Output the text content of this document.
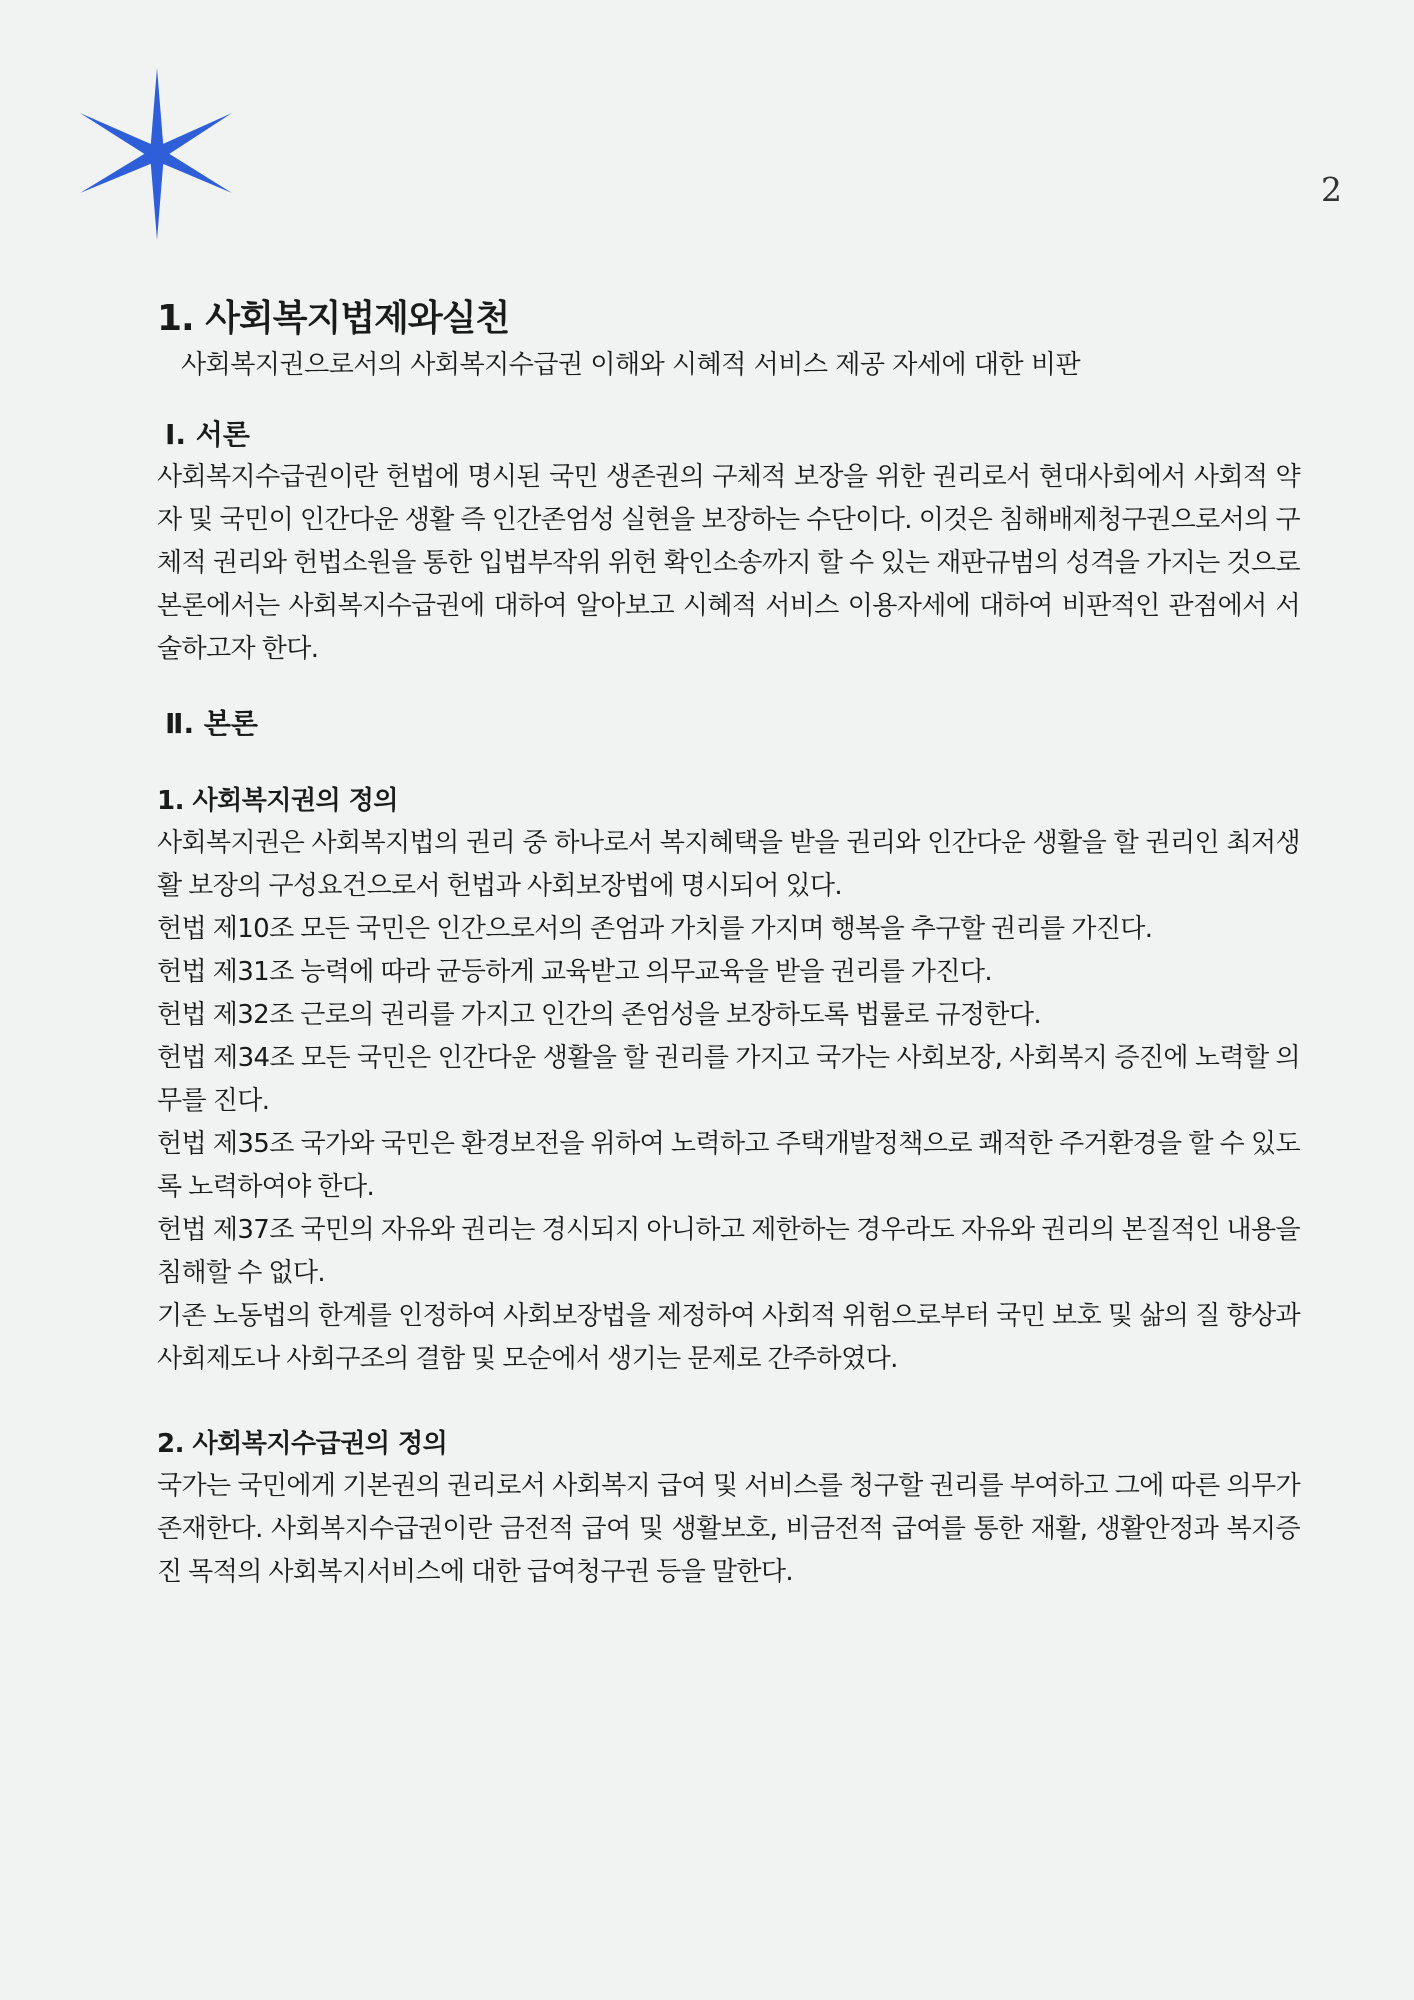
2
1. 사회복지법제와실천

사회복지권으로서의 사회복지수급권 이해와 시혜적 서비스 제공 자세에 대한 비판

Ⅰ. 서론

사회복지수급권이란 헌법에 명시된 국민 생존권의 구체적 보장을 위한 권리로서 현대사회에서 사회적 약자 및 국민이 인간다운 생활 즉 인간존엄성 실현을 보장하는 수단이다. 이것은 침해배제청구권으로서의 구체적 권리와 헌법소원을 통한 입법부작위 위헌 확인소송까지 할 수 있는 재판규범의 성격을 가지는 것으로 본론에서는 사회복지수급권에 대하여 알아보고 시혜적 서비스 이용자세에 대하여 비판적인 관점에서 서술하고자 한다.

Ⅱ. 본론
1. 사회복지권의 정의

사회복지권은 사회복지법의 권리 중 하나로서 복지혜택을 받을 권리와 인간다운 생활을 할 권리인 최저생활 보장의 구성요건으로서 헌법과 사회보장법에 명시되어 있다.

헌법 제10조 모든 국민은 인간으로서의 존엄과 가치를 가지며 행복을 추구할 권리를 가진다.

헌법 제31조 능력에 따라 균등하게 교육받고 의무교육을 받을 권리를 가진다.

헌법 제32조 근로의 권리를 가지고 인간의 존엄성을 보장하도록 법률로 규정한다.

헌법 제34조 모든 국민은 인간다운 생활을 할 권리를 가지고 국가는 사회보장, 사회복지 증진에 노력할 의무를 진다.

헌법 제35조 국가와 국민은 환경보전을 위하여 노력하고 주택개발정책으로 쾌적한 주거환경을 할 수 있도록 노력하여야 한다.

헌법 제37조 국민의 자유와 권리는 경시되지 아니하고 제한하는 경우라도 자유와 권리의 본질적인 내용을 침해할 수 없다.

기존 노동법의 한계를 인정하여 사회보장법을 제정하여 사회적 위험으로부터 국민 보호 및 삶의 질 향상과 사회제도나 사회구조의 결함 및 모순에서 생기는 문제로 간주하였다.

2. 사회복지수급권의 정의

국가는 국민에게 기본권의 권리로서 사회복지 급여 및 서비스를 청구할 권리를 부여하고 그에 따른 의무가 존재한다. 사회복지수급권이란 금전적 급여 및 생활보호, 비금전적 급여를 통한 재활, 생활안정과 복지증진 목적의 사회복지서비스에 대한 급여청구권 등을 말한다.
